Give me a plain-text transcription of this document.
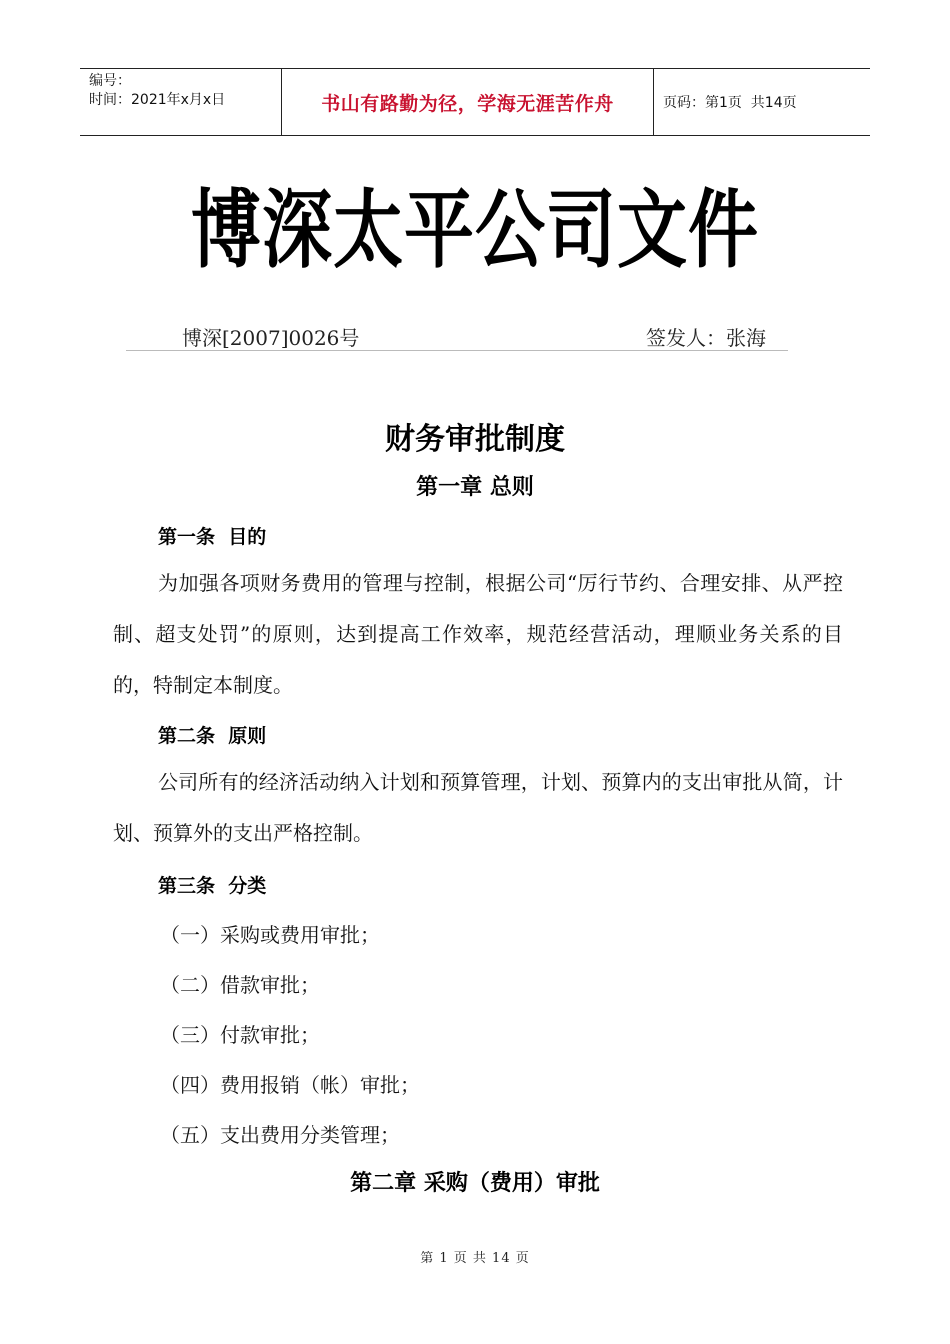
编号：
时间：2021年x月x日	书山有路勤为径，学海无涯苦作舟	页码：第1页  共14页
博深太平公司文件
博深[2007]0026号	签发人：张海
财务审批制度
第一章 总则
第一条  目的
为加强各项财务费用的管理与控制，根据公司“厉行节约、合理安排、从严控制、超支处罚”的原则，达到提高工作效率，规范经营活动，理顺业务关系的目的，特制定本制度。
第二条  原则
公司所有的经济活动纳入计划和预算管理，计划、预算内的支出审批从简，计划、预算外的支出严格控制。
第三条  分类
（一）采购或费用审批；
（二）借款审批；
（三）付款审批；
（四）费用报销（帐）审批；
（五）支出费用分类管理；
第二章 采购（费用）审批
第 1 页 共 14 页
